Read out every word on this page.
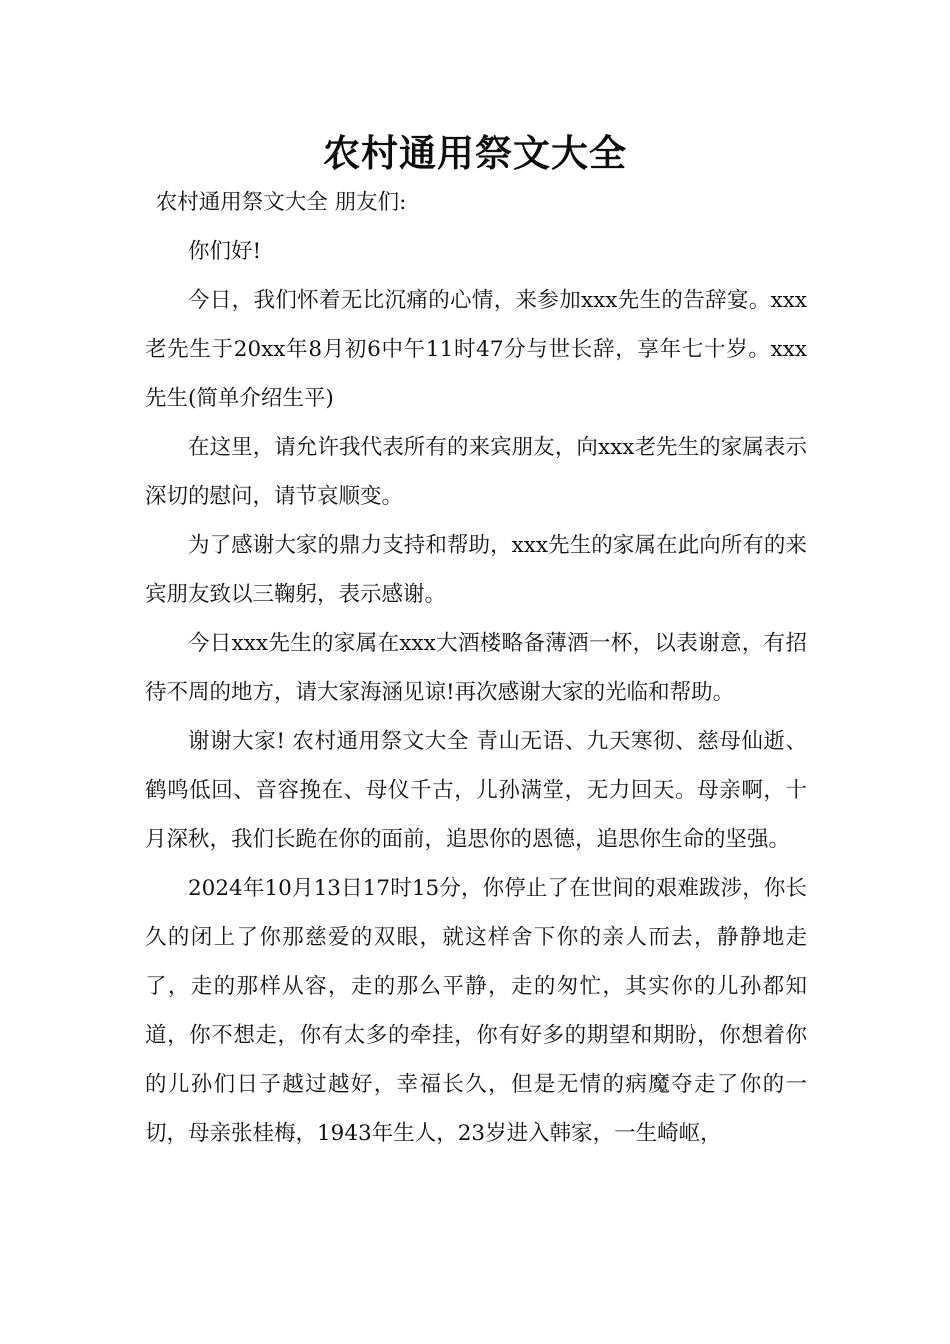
农村通用祭文大全

农村通用祭文大全 朋友们:

你们好!

今日，我们怀着无比沉痛的心情，来参加xxx先生的告辞宴。xxx老先生于20xx年8月初6中午11时47分与世长辞，享年七十岁。xxx先生(简单介绍生平)

在这里，请允许我代表所有的来宾朋友，向xxx老先生的家属表示深切的慰问，请节哀顺变。

为了感谢大家的鼎力支持和帮助，xxx先生的家属在此向所有的来宾朋友致以三鞠躬，表示感谢。

今日xxx先生的家属在xxx大酒楼略备薄酒一杯，以表谢意，有招待不周的地方，请大家海涵见谅!再次感谢大家的光临和帮助。

谢谢大家! 农村通用祭文大全 青山无语、九天寒彻、慈母仙逝、鹤鸣低回、音容挽在、母仪千古，儿孙满堂，无力回天。母亲啊，十月深秋，我们长跪在你的面前，追思你的恩德，追思你生命的坚强。

2024年10月13日17时15分，你停止了在世间的艰难跋涉，你长久的闭上了你那慈爱的双眼，就这样舍下你的亲人而去，静静地走了，走的那样从容，走的那么平静，走的匆忙，其实你的儿孙都知道，你不想走，你有太多的牵挂，你有好多的期望和期盼，你想着你的儿孙们日子越过越好，幸福长久，但是无情的病魔夺走了你的一切，母亲张桂梅，1943年生人，23岁进入韩家，一生崎岖，
